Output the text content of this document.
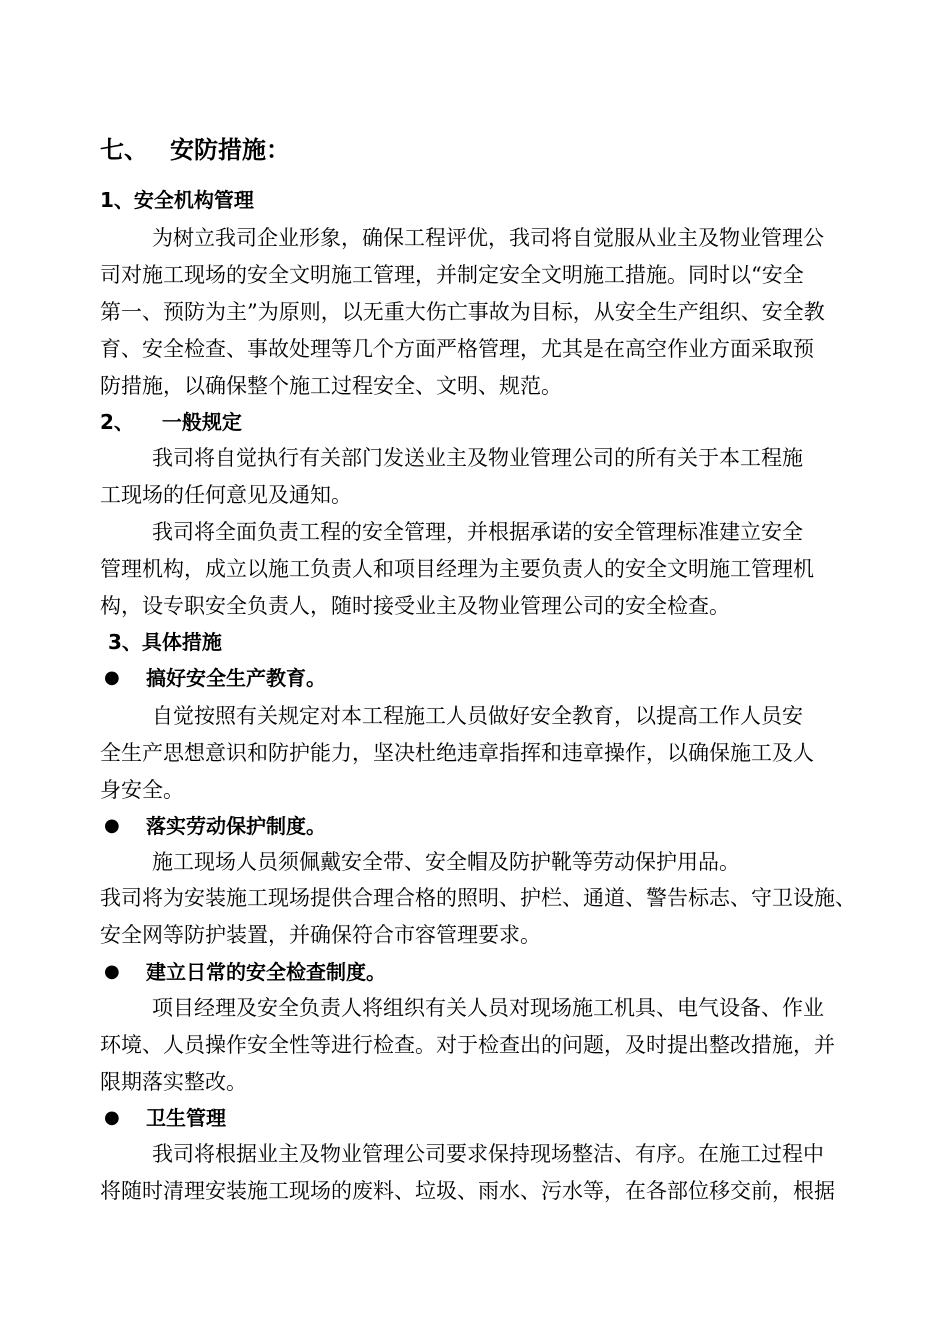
七、 安防措施：
1、安全机构管理
为树立我司企业形象，确保工程评优，我司将自觉服从业主及物业管理公
司对施工现场的安全文明施工管理，并制定安全文明施工措施。同时以“安全
第一、预防为主”为原则，以无重大伤亡事故为目标，从安全生产组织、安全教
育、安全检查、事故处理等几个方面严格管理，尤其是在高空作业方面采取预
防措施，以确保整个施工过程安全、文明、规范。
2、 一般规定
我司将自觉执行有关部门发送业主及物业管理公司的所有关于本工程施
工现场的任何意见及通知。
我司将全面负责工程的安全管理，并根据承诺的安全管理标准建立安全
管理机构，成立以施工负责人和项目经理为主要负责人的安全文明施工管理机
构，设专职安全负责人，随时接受业主及物业管理公司的安全检查。
3、具体措施
● 搞好安全生产教育。
自觉按照有关规定对本工程施工人员做好安全教育，以提高工作人员安
全生产思想意识和防护能力，坚决杜绝违章指挥和违章操作，以确保施工及人
身安全。
● 落实劳动保护制度。
施工现场人员须佩戴安全带、安全帽及防护靴等劳动保护用品。
我司将为安装施工现场提供合理合格的照明、护栏、通道、警告标志、守卫设施、
安全网等防护装置，并确保符合市容管理要求。
● 建立日常的安全检查制度。
项目经理及安全负责人将组织有关人员对现场施工机具、电气设备、作业
环境、人员操作安全性等进行检查。对于检查出的问题，及时提出整改措施，并
限期落实整改。
● 卫生管理
我司将根据业主及物业管理公司要求保持现场整洁、有序。在施工过程中
将随时清理安装施工现场的废料、垃圾、雨水、污水等，在各部位移交前，根据
